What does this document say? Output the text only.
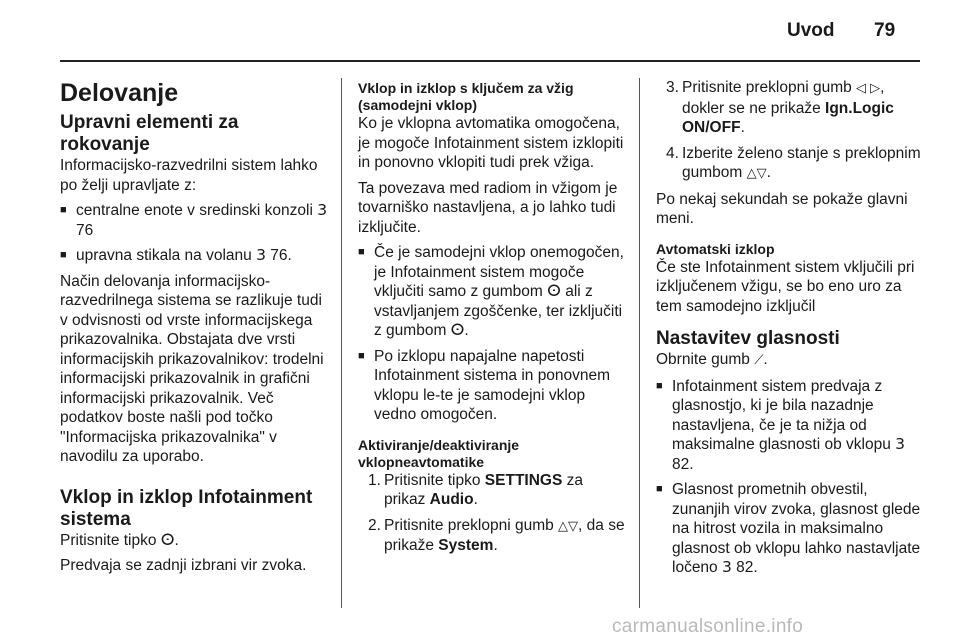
Uvod 79
Delovanje
Upravni elementi za rokovanje

Informacijsko-razvedrilni sistem lahko po želji upravljate z:

■ centralne enote v sredinski konzoli 3 76
■ upravna stikala na volanu 3 76.

Način delovanja informacijsko-razvedrilnega sistema se razlikuje tudi v odvisnosti od vrste informacijskega prikazovalnika. Obstajata dve vrsti informacijskih prikazovalnikov: trodelni informacijski prikazovalnik in grafični informacijski prikazovalnik. Več podatkov boste našli pod točko "Informacijska prikazovalnika" v navodilu za uporabo.

Vklop in izklop Infotainment sistema

Pritisnite tipko ⵙ.

Predvaja se zadnji izbrani vir zvoka.

Vklop in izklop s ključem za vžig (samodejni vklop)

Ko je vklopna avtomatika omogočena, je mogoče Infotainment sistem izklopiti in ponovno vklopiti tudi prek vžiga.

Ta povezava med radiom in vžigom je tovarniško nastavljena, a jo lahko tudi izključite.

■ Če je samodejni vklop onemogočen, je Infotainment sistem mogoče vključiti samo z gumbom ⵙ ali z vstavljanjem zgoščenke, ter izključiti z gumbom ⵙ.
■ Po izklopu napajalne napetosti Infotainment sistema in ponovnem vklopu le-te je samodejni vklop vedno omogočen.
Aktiviranje/deaktiviranje vklopneavtomatike
1. Pritisnite tipko SETTINGS za prikaz Audio.
2. Pritisnite preklopni gumb △▽, da se prikaže System.
3. Pritisnite preklopni gumb ◁ ▷, dokler se ne prikaže Ign.Logic ON/OFF.
4. Izberite želeno stanje s preklopnim gumbom △▽.

Po nekaj sekundah se pokaže glavni meni.

Avtomatski izklop

Če ste Infotainment sistem vključili pri izključenem vžigu, se bo eno uro za tem samodejno izključil

Nastavitev glasnosti

Obrnite gumb ⟋.

■ Infotainment sistem predvaja z glasnostjo, ki je bila nazadnje nastavljena, če je ta nižja od maksimalne glasnosti ob vklopu 3 82.
■ Glasnost prometnih obvestil, zunanjih virov zvoka, glasnost glede na hitrost vozila in maksimalno glasnost ob vklopu lahko nastavljate ločeno 3 82.
carmanualsonline.info
